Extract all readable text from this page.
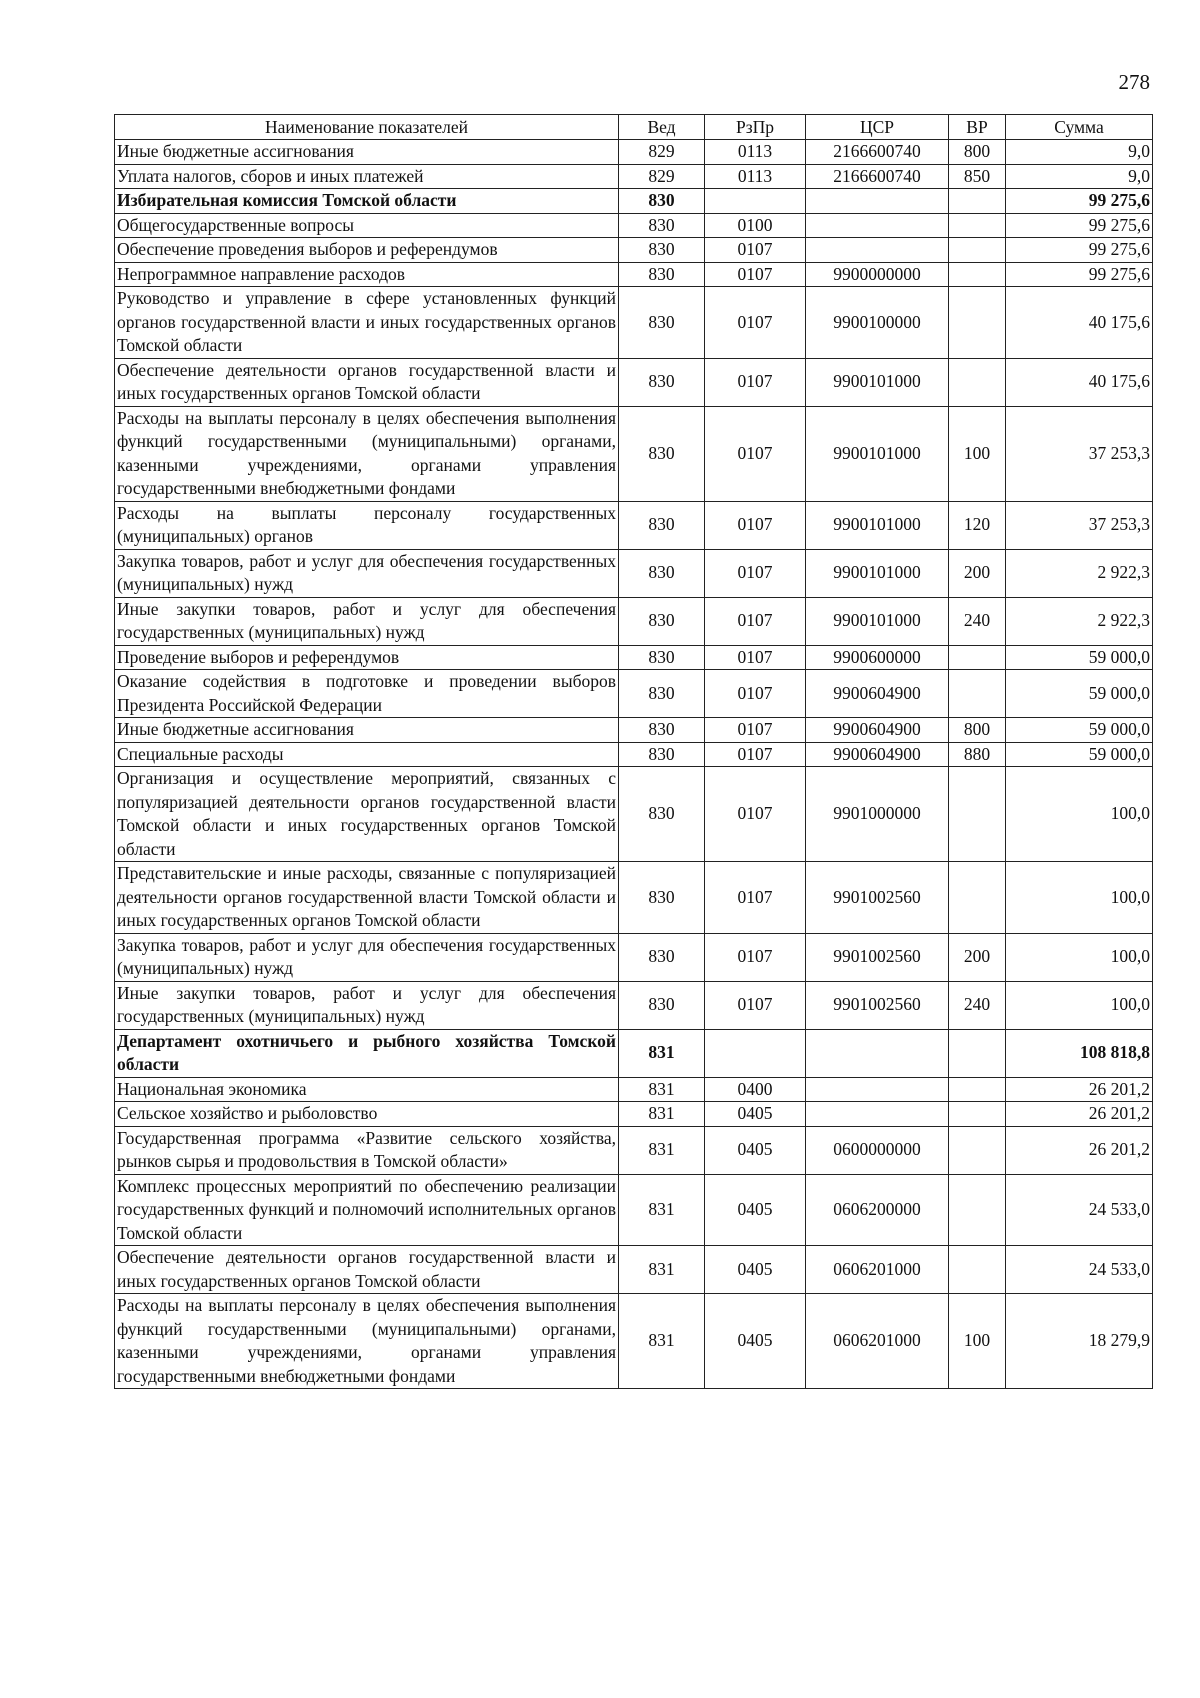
278
Наименование показателей	Вед	РзПр	ЦСР	ВР	Сумма
Иные бюджетные ассигнования	829	0113	2166600740	800	9,0
Уплата налогов, сборов и иных платежей	829	0113	2166600740	850	9,0
Избирательная комиссия Томской области	830				99 275,6
Общегосударственные вопросы	830	0100			99 275,6
Обеспечение проведения выборов и референдумов	830	0107			99 275,6
Непрограммное направление расходов	830	0107	9900000000		99 275,6
Руководство и управление в сфере установленных функций органов государственной власти и иных государственных органов Томской области	830	0107	9900100000		40 175,6
Обеспечение деятельности органов государственной власти и иных государственных органов Томской области	830	0107	9900101000		40 175,6
Расходы на выплаты персоналу в целях обеспечения выполнения функций государственными (муниципальными) органами, казенными учреждениями, органами управления государственными внебюджетными фондами	830	0107	9900101000	100	37 253,3
Расходы на выплаты персоналу государственных (муниципальных) органов	830	0107	9900101000	120	37 253,3
Закупка товаров, работ и услуг для обеспечения государственных (муниципальных) нужд	830	0107	9900101000	200	2 922,3
Иные закупки товаров, работ и услуг для обеспечения государственных (муниципальных) нужд	830	0107	9900101000	240	2 922,3
Проведение выборов и референдумов	830	0107	9900600000		59 000,0
Оказание содействия в подготовке и проведении выборов Президента Российской Федерации	830	0107	9900604900		59 000,0
Иные бюджетные ассигнования	830	0107	9900604900	800	59 000,0
Специальные расходы	830	0107	9900604900	880	59 000,0
Организация и осуществление мероприятий, связанных с популяризацией деятельности органов государственной власти Томской области и иных государственных органов Томской области	830	0107	9901000000		100,0
Представительские и иные расходы, связанные с популяризацией деятельности органов государственной власти Томской области и иных государственных органов Томской области	830	0107	9901002560		100,0
Закупка товаров, работ и услуг для обеспечения государственных (муниципальных) нужд	830	0107	9901002560	200	100,0
Иные закупки товаров, работ и услуг для обеспечения государственных (муниципальных) нужд	830	0107	9901002560	240	100,0
Департамент охотничьего и рыбного хозяйства Томской области	831				108 818,8
Национальная экономика	831	0400			26 201,2
Сельское хозяйство и рыболовство	831	0405			26 201,2
Государственная программа «Развитие сельского хозяйства, рынков сырья и продовольствия в Томской области»	831	0405	0600000000		26 201,2
Комплекс процессных мероприятий по обеспечению реализации государственных функций и полномочий исполнительных органов Томской области	831	0405	0606200000		24 533,0
Обеспечение деятельности органов государственной власти и иных государственных органов Томской области	831	0405	0606201000		24 533,0
Расходы на выплаты персоналу в целях обеспечения выполнения функций государственными (муниципальными) органами, казенными учреждениями, органами управления государственными внебюджетными фондами	831	0405	0606201000	100	18 279,9
